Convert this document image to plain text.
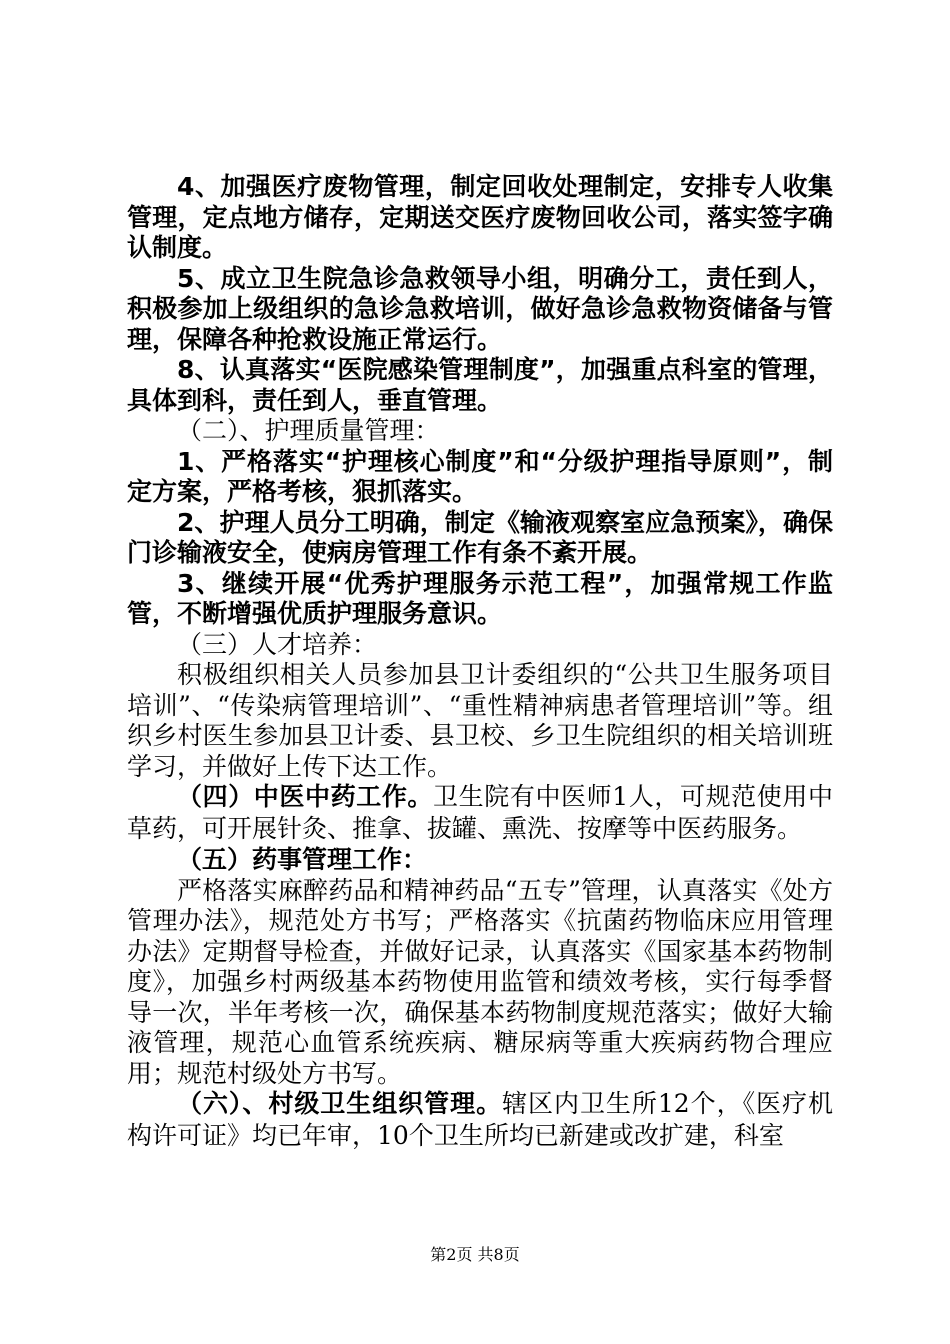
4、加强医疗废物管理，制定回收处理制定，安排专人收集管理，定点地方储存，定期送交医疗废物回收公司，落实签字确认制度。

5、成立卫生院急诊急救领导小组，明确分工，责任到人，积极参加上级组织的急诊急救培训，做好急诊急救物资储备与管理，保障各种抢救设施正常运行。

8、认真落实“医院感染管理制度”，加强重点科室的管理，具体到科，责任到人，垂直管理。

（二）、护理质量管理：

1、严格落实“护理核心制度”和“分级护理指导原则”，制定方案，严格考核，狠抓落实。

2、护理人员分工明确，制定《输液观察室应急预案》，确保门诊输液安全，使病房管理工作有条不紊开展。

3、继续开展“优秀护理服务示范工程”，加强常规工作监管，不断增强优质护理服务意识。

（三）人才培养：

积极组织相关人员参加县卫计委组织的“公共卫生服务项目培训”、“传染病管理培训”、“重性精神病患者管理培训”等。组织乡村医生参加县卫计委、县卫校、乡卫生院组织的相关培训班学习，并做好上传下达工作。

（四）中医中药工作。卫生院有中医师1人，可规范使用中草药，可开展针灸、推拿、拔罐、熏洗、按摩等中医药服务。

（五）药事管理工作：

严格落实麻醉药品和精神药品“五专”管理，认真落实《处方管理办法》，规范处方书写；严格落实《抗菌药物临床应用管理办法》定期督导检查，并做好记录，认真落实《国家基本药物制度》，加强乡村两级基本药物使用监管和绩效考核，实行每季督导一次，半年考核一次，确保基本药物制度规范落实；做好大输液管理，规范心血管系统疾病、糖尿病等重大疾病药物合理应用；规范村级处方书写。

（六）、村级卫生组织管理。辖区内卫生所12个，《医疗机构许可证》均已年审，10个卫生所均已新建或改扩建，科室

第2页 共8页
